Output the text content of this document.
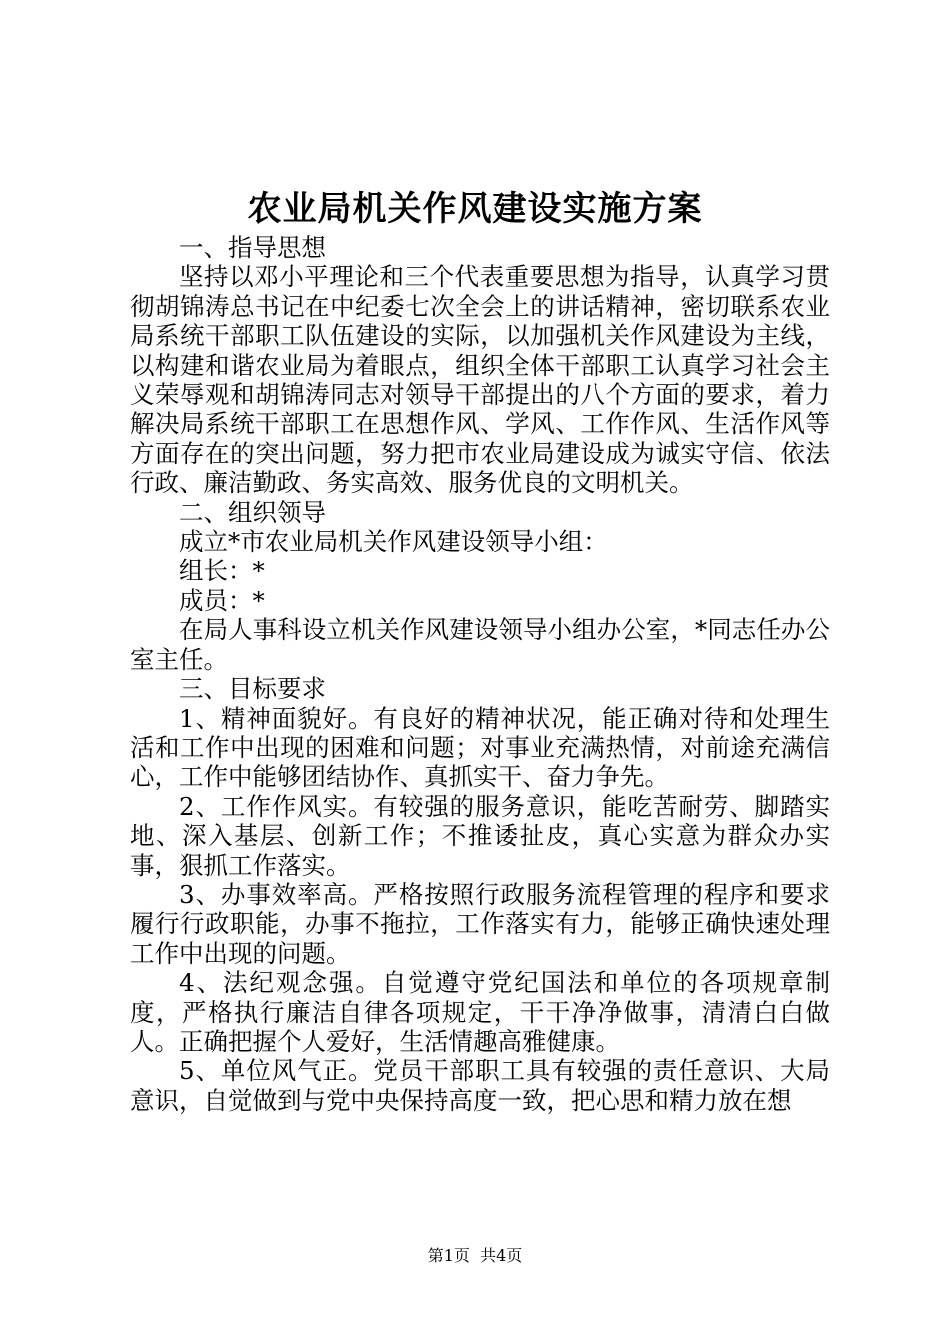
农业局机关作风建设实施方案

一、指导思想

坚持以邓小平理论和三个代表重要思想为指导，认真学习贯彻胡锦涛总书记在中纪委七次全会上的讲话精神，密切联系农业局系统干部职工队伍建设的实际，以加强机关作风建设为主线，以构建和谐农业局为着眼点，组织全体干部职工认真学习社会主义荣辱观和胡锦涛同志对领导干部提出的八个方面的要求，着力解决局系统干部职工在思想作风、学风、工作作风、生活作风等方面存在的突出问题，努力把市农业局建设成为诚实守信、依法行政、廉洁勤政、务实高效、服务优良的文明机关。

二、组织领导

成立*市农业局机关作风建设领导小组：

组长：*

成员：*

在局人事科设立机关作风建设领导小组办公室，*同志任办公室主任。

三、目标要求

1、精神面貌好。有良好的精神状况，能正确对待和处理生活和工作中出现的困难和问题；对事业充满热情，对前途充满信心，工作中能够团结协作、真抓实干、奋力争先。

2、工作作风实。有较强的服务意识，能吃苦耐劳、脚踏实地、深入基层、创新工作；不推诿扯皮，真心实意为群众办实事，狠抓工作落实。

3、办事效率高。严格按照行政服务流程管理的程序和要求履行行政职能，办事不拖拉，工作落实有力，能够正确快速处理工作中出现的问题。

4、法纪观念强。自觉遵守党纪国法和单位的各项规章制度，严格执行廉洁自律各项规定，干干净净做事，清清白白做人。正确把握个人爱好，生活情趣高雅健康。

5、单位风气正。党员干部职工具有较强的责任意识、大局意识，自觉做到与党中央保持高度一致，把心思和精力放在想

第1页 共4页
